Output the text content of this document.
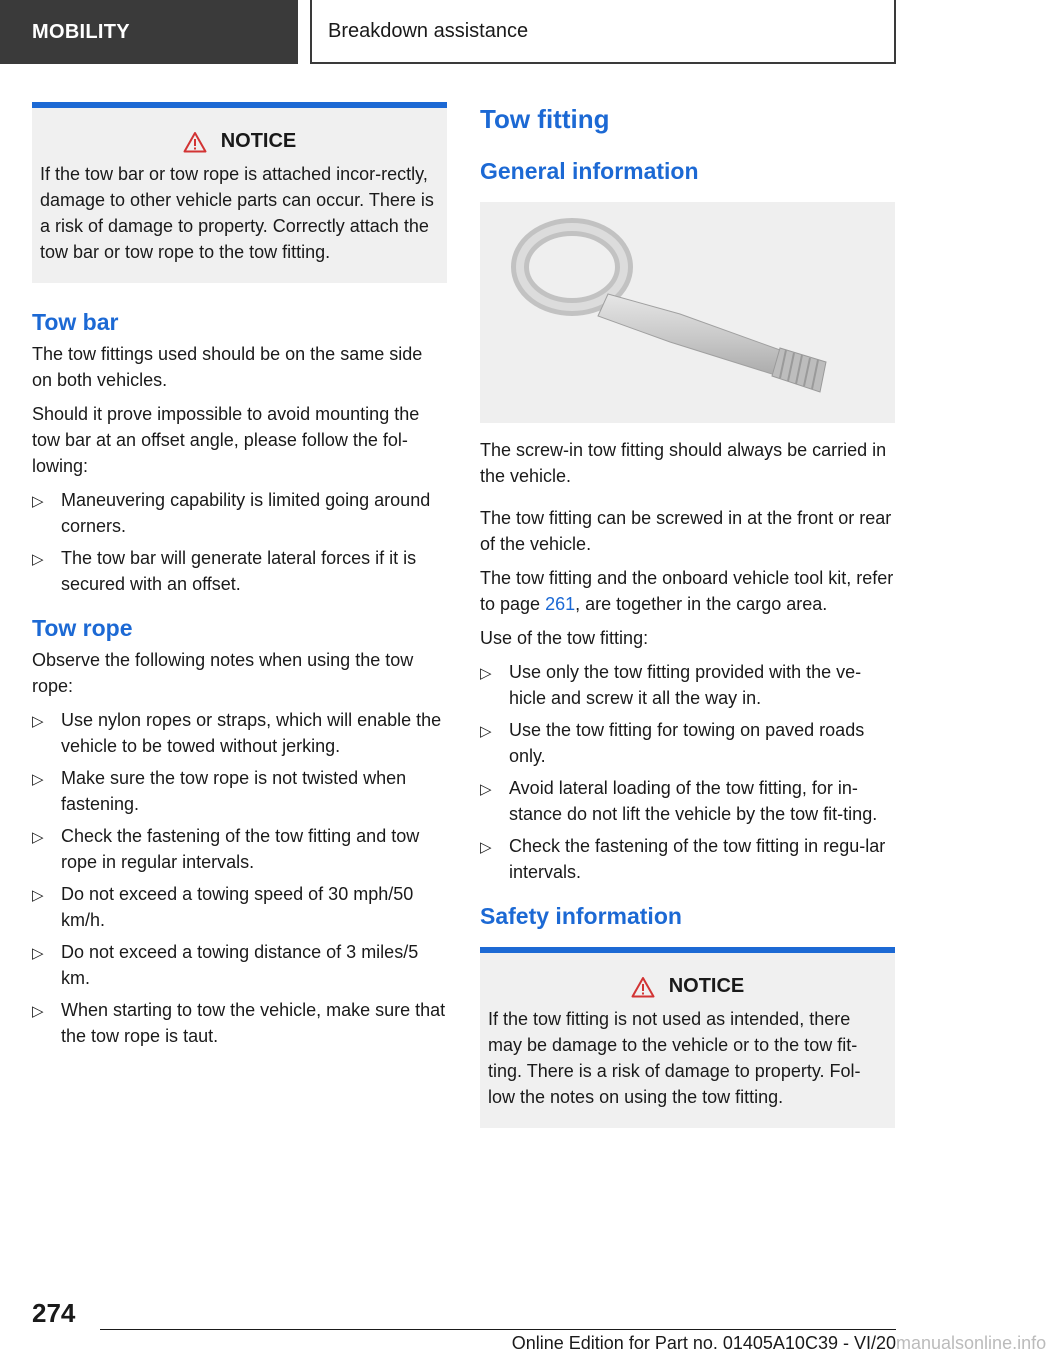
MOBILITY	Breakdown assistance
NOTICE

If the tow bar or tow rope is attached incor-rectly, damage to other vehicle parts can occur. There is a risk of damage to property. Correctly attach the tow bar or tow rope to the tow fitting.

Tow bar

The tow fittings used should be on the same side on both vehicles.

Should it prove impossible to avoid mounting the tow bar at an offset angle, please follow the fol-lowing:

▷ Maneuvering capability is limited going around corners.
▷ The tow bar will generate lateral forces if it is secured with an offset.
Tow rope

Observe the following notes when using the tow rope:

▷ Use nylon ropes or straps, which will enable the vehicle to be towed without jerking.
▷ Make sure the tow rope is not twisted when fastening.
▷ Check the fastening of the tow fitting and tow rope in regular intervals.
▷ Do not exceed a towing speed of 30 mph/50 km/h.
▷ Do not exceed a towing distance of 3 miles/5 km.
▷ When starting to tow the vehicle, make sure that the tow rope is taut.
Tow fitting
General information

The screw-in tow fitting should always be carried in the vehicle.

The tow fitting can be screwed in at the front or rear of the vehicle.

The tow fitting and the onboard vehicle tool kit, refer to page 261, are together in the cargo area.

Use of the tow fitting:

▷ Use only the tow fitting provided with the ve-hicle and screw it all the way in.
▷ Use the tow fitting for towing on paved roads only.
▷ Avoid lateral loading of the tow fitting, for in-stance do not lift the vehicle by the tow fit-ting.
▷ Check the fastening of the tow fitting in regu-lar intervals.
Safety information
NOTICE

If the tow fitting is not used as intended, there may be damage to the vehicle or to the tow fit-ting. There is a risk of damage to property. Fol-low the notes on using the tow fitting.

274
Online Edition for Part no. 01405A10C39 - VI/20 manualsonline.info
